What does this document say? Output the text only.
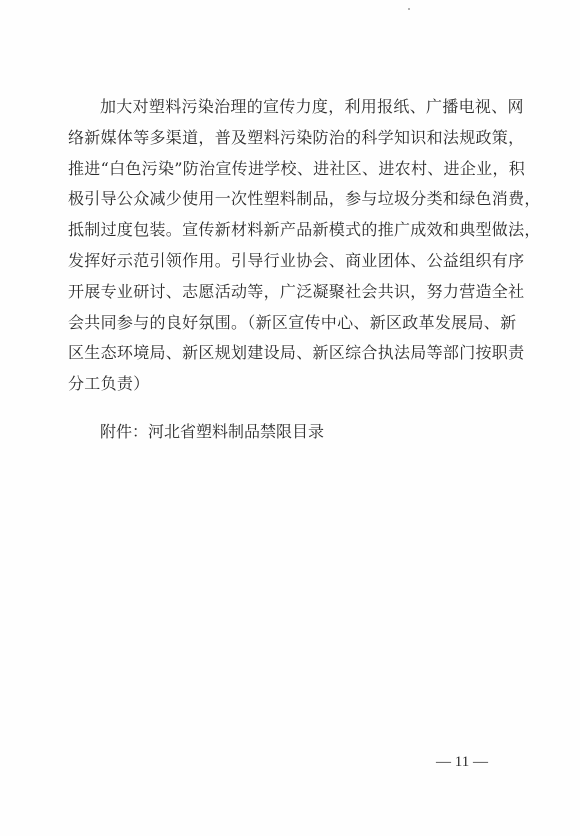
加大对塑料污染治理的宣传力度，利用报纸、广播电视、网
络新媒体等多渠道，普及塑料污染防治的科学知识和法规政策，
推进“白色污染”防治宣传进学校、进社区、进农村、进企业，积
极引导公众减少使用一次性塑料制品，参与垃圾分类和绿色消费，
抵制过度包装。宣传新材料新产品新模式的推广成效和典型做法，
发挥好示范引领作用。引导行业协会、商业团体、公益组织有序
开展专业研讨、志愿活动等，广泛凝聚社会共识，努力营造全社
会共同参与的良好氛围。（新区宣传中心、新区政革发展局、新
区生态环境局、新区规划建设局、新区综合执法局等部门按职责
分工负责）
附件：河北省塑料制品禁限目录
— 11 —
